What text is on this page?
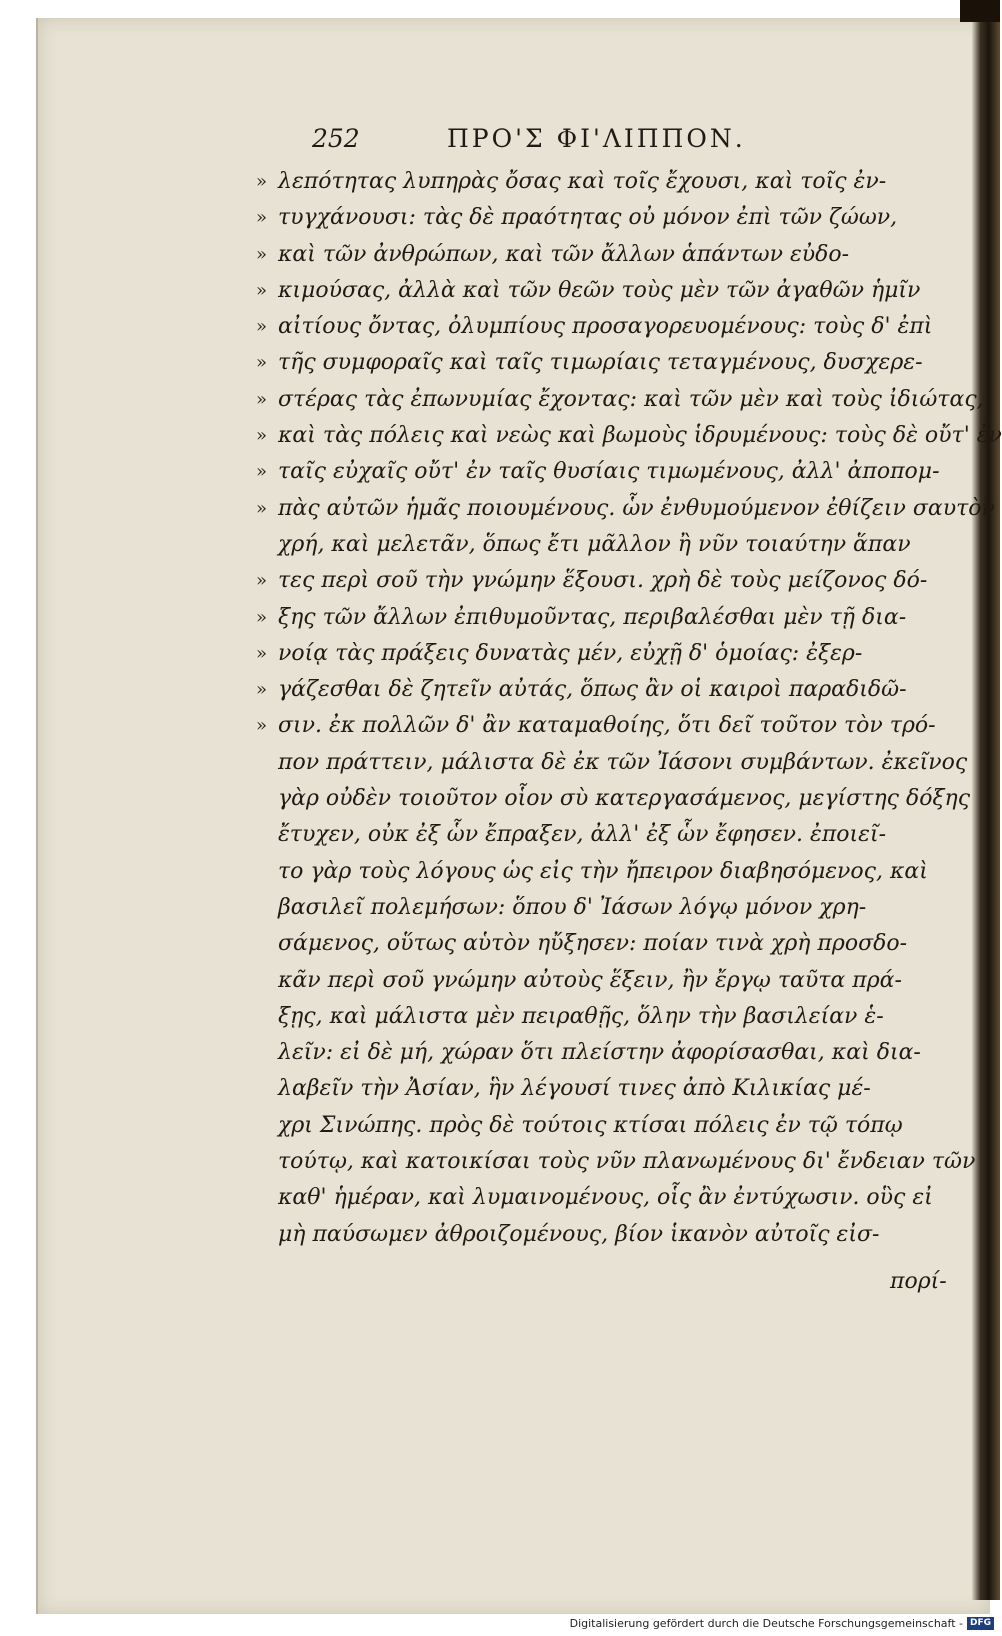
252	ΠΡΟ'Σ ΦΙ'ΛΙΠΠΟΝ.
» λεπότητας λυπηρὰς ὄσας καὶ τοῖς ἔχουσι, καὶ τοῖς ἐν-
» τυγχάνουσι: τὰς δὲ πραότητας οὐ μόνον ἐπὶ τῶν ζώων,
» καὶ τῶν ἀνθρώπων, καὶ τῶν ἄλλων ἁπάντων εὐδο-
» κιμούσας, ἀλλὰ καὶ τῶν θεῶν τοὺς μὲν τῶν ἀγαθῶν ἡμῖν
» αἰτίους ὄντας, ὀλυμπίους προσαγορευομένους: τοὺς δ' ἐπὶ
» τῆς συμφοραῖς καὶ ταῖς τιμωρίαις τεταγμένους, δυσχερε-
» στέρας τὰς ἐπωνυμίας ἔχοντας: καὶ τῶν μὲν καὶ τοὺς ἰδιώτας,
» καὶ τὰς πόλεις καὶ νεὼς καὶ βωμοὺς ἱδρυμένους: τοὺς δὲ οὔτ' ἐν
» ταῖς εὐχαῖς οὔτ' ἐν ταῖς θυσίαις τιμωμένους, ἀλλ' ἀποπομ-
» πὰς αὐτῶν ἡμᾶς ποιουμένους. ὧν ἐνθυμούμενον ἐθίζειν σαυτὸν
χρή, καὶ μελετᾶν, ὅπως ἔτι μᾶλλον ἢ νῦν τοιαύτην ἅπαν
» τες περὶ σοῦ τὴν γνώμην ἕξουσι. χρὴ δὲ τοὺς μείζονος δό-
» ξης τῶν ἄλλων ἐπιθυμοῦντας, περιβαλέσθαι μὲν τῇ δια-
» νοίᾳ τὰς πράξεις δυνατὰς μέν, εὐχῇ δ' ὁμοίας: ἐξερ-
» γάζεσθαι δὲ ζητεῖν αὐτάς, ὅπως ἂν οἱ καιροὶ παραδιδῶ-
» σιν. ἐκ πολλῶν δ' ἂν καταμαθοίης, ὅτι δεῖ τοῦτον τὸν τρό-
πον πράττειν, μάλιστα δὲ ἐκ τῶν Ἰάσονι συμβάντων. ἐκεῖνος
γὰρ οὐδὲν τοιοῦτον οἷον σὺ κατεργασάμενος, μεγίστης δόξης
ἔτυχεν, οὐκ ἐξ ὧν ἔπραξεν, ἀλλ' ἐξ ὧν ἔφησεν. ἐποιεῖ-
το γὰρ τοὺς λόγους ὡς εἰς τὴν ἤπειρον διαβησόμενος, καὶ
βασιλεῖ πολεμήσων: ὅπου δ' Ἰάσων λόγῳ μόνον χρη-
σάμενος, οὕτως αὑτὸν ηὔξησεν: ποίαν τινὰ χρὴ προσδο-
κᾶν περὶ σοῦ γνώμην αὐτοὺς ἕξειν, ἢν ἔργῳ ταῦτα πρά-
ξῃς, καὶ μάλιστα μὲν πειραθῇς, ὅλην τὴν βασιλείαν ἑ-
λεῖν: εἰ δὲ μή, χώραν ὅτι πλείστην ἀφορίσασθαι, καὶ δια-
λαβεῖν τὴν Ἀσίαν, ἣν λέγουσί τινες ἀπὸ Κιλικίας μέ-
χρι Σινώπης. πρὸς δὲ τούτοις κτίσαι πόλεις ἐν τῷ τόπῳ
τούτῳ, καὶ κατοικίσαι τοὺς νῦν πλανωμένους δι' ἔνδειαν τῶν
καθ' ἡμέραν, καὶ λυμαινομένους, οἷς ἂν ἐντύχωσιν. οὓς εἰ
μὴ παύσωμεν ἀθροιζομένους, βίον ἱκανὸν αὐτοῖς εἰσ-
πορί-
Digitalisierung gefördert durch die Deutsche Forschungsgemeinschaft - DFG
